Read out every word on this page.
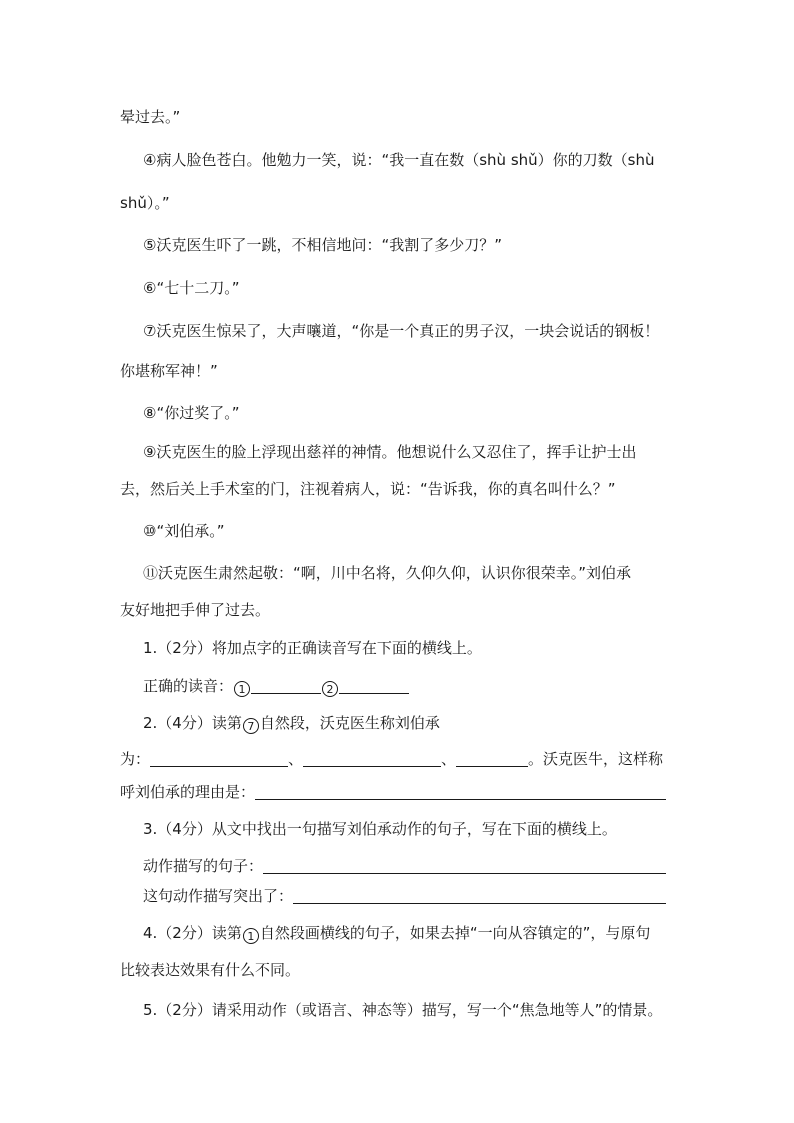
晕过去。”
④病人脸色苍白。他勉力一笑，说：“我一直在数（shù shǔ）你的刀数（shù
shǔ）。”
⑤沃克医生吓了一跳，不相信地问：“我割了多少刀？”
⑥“七十二刀。”
⑦沃克医生惊呆了，大声嚷道，“你是一个真正的男子汉，一块会说话的钢板！
你堪称军神！”
⑧“你过奖了。”
⑨沃克医生的脸上浮现出慈祥的神情。他想说什么又忍住了，挥手让护士出
去，然后关上手术室的门，注视着病人，说：“告诉我，你的真名叫什么？”
⑩“刘伯承。”
⑪沃克医生肃然起敬：“啊，川中名将，久仰久仰，认识你很荣幸。”刘伯承
友好地把手伸了过去。
1.（2分）将加点字的正确读音写在下面的横线上。
正确的读音： 1	2
2.（4分）读第 7 自然段，沃克医生称刘伯承
为：	、	、	。沃克医牛，这样称
呼刘伯承的理由是：
3.（4分）从文中找出一句描写刘伯承动作的句子，写在下面的横线上。
动作描写的句子：
这句动作描写突出了：
4.（2分）读第 1 自然段画横线的句子，如果去掉“一向从容镇定的”，与原句
比较表达效果有什么不同。
5.（2分）请采用动作（或语言、神态等）描写，写一个“焦急地等人”的情景。
